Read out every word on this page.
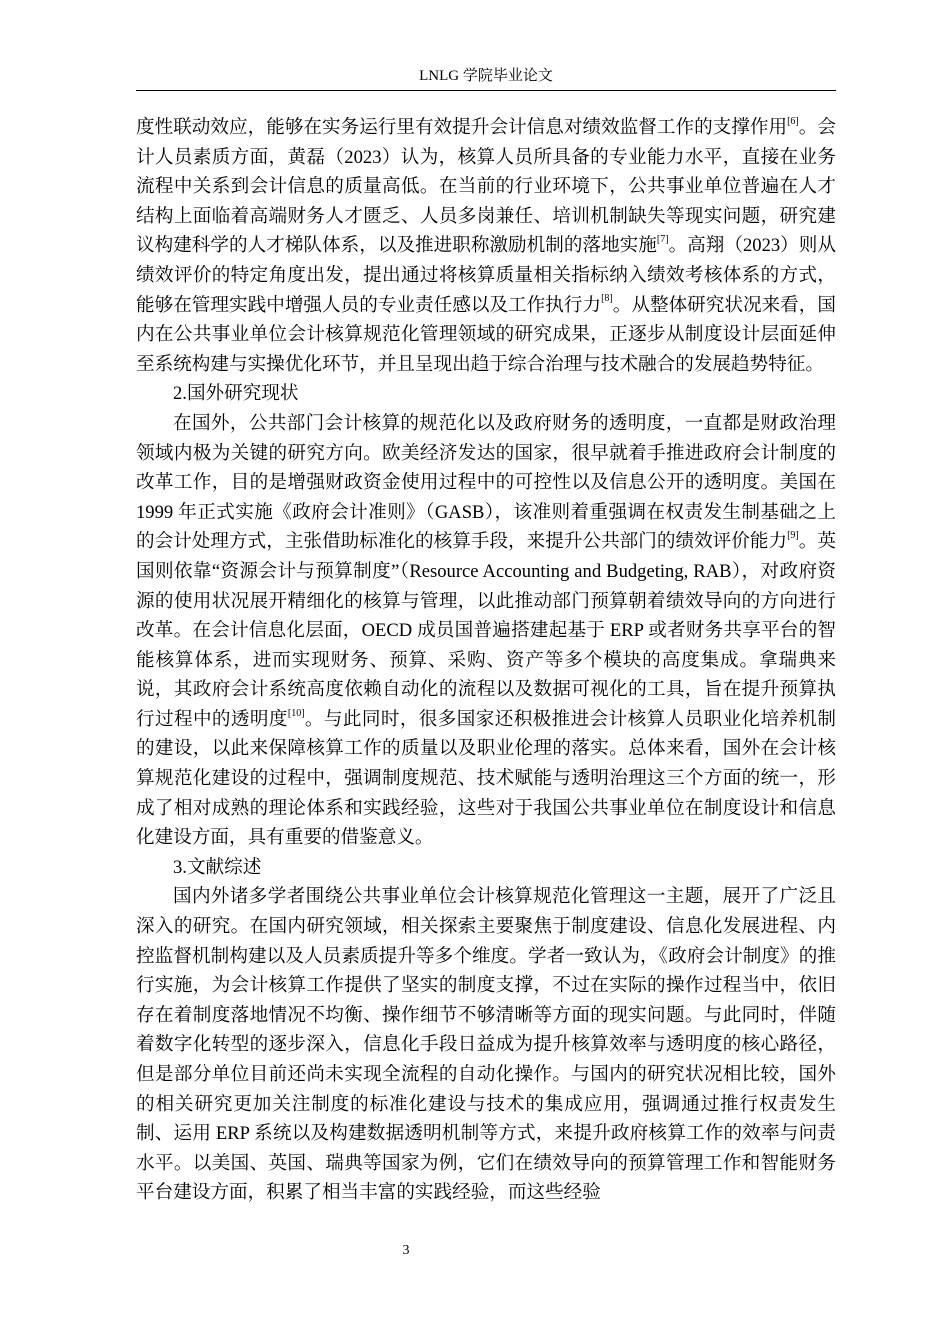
LNLG 学院毕业论文

度性联动效应，能够在实务运行里有效提升会计信息对绩效监督工作的支撑作用[6]。会计人员素质方面，黄磊（2023）认为，核算人员所具备的专业能力水平，直接在业务流程中关系到会计信息的质量高低。在当前的行业环境下，公共事业单位普遍在人才结构上面临着高端财务人才匮乏、人员多岗兼任、培训机制缺失等现实问题，研究建议构建科学的人才梯队体系，以及推进职称激励机制的落地实施[7]。高翔（2023）则从绩效评价的特定角度出发，提出通过将核算质量相关指标纳入绩效考核体系的方式，能够在管理实践中增强人员的专业责任感以及工作执行力[8]。从整体研究状况来看，国内在公共事业单位会计核算规范化管理领域的研究成果，正逐步从制度设计层面延伸至系统构建与实操优化环节，并且呈现出趋于综合治理与技术融合的发展趋势特征。

2.国外研究现状

在国外，公共部门会计核算的规范化以及政府财务的透明度，一直都是财政治理领域内极为关键的研究方向。欧美经济发达的国家，很早就着手推进政府会计制度的改革工作，目的是增强财政资金使用过程中的可控性以及信息公开的透明度。美国在 1999 年正式实施《政府会计准则》（GASB），该准则着重强调在权责发生制基础之上的会计处理方式，主张借助标准化的核算手段，来提升公共部门的绩效评价能力[9]。英国则依靠“资源会计与预算制度”（Resource Accounting and Budgeting, RAB），对政府资源的使用状况展开精细化的核算与管理，以此推动部门预算朝着绩效导向的方向进行改革。在会计信息化层面，OECD 成员国普遍搭建起基于 ERP 或者财务共享平台的智能核算体系，进而实现财务、预算、采购、资产等多个模块的高度集成。拿瑞典来说，其政府会计系统高度依赖自动化的流程以及数据可视化的工具，旨在提升预算执行过程中的透明度[10]。与此同时，很多国家还积极推进会计核算人员职业化培养机制的建设，以此来保障核算工作的质量以及职业伦理的落实。总体来看，国外在会计核算规范化建设的过程中，强调制度规范、技术赋能与透明治理这三个方面的统一，形成了相对成熟的理论体系和实践经验，这些对于我国公共事业单位在制度设计和信息化建设方面，具有重要的借鉴意义。

3.文献综述

国内外诸多学者围绕公共事业单位会计核算规范化管理这一主题，展开了广泛且深入的研究。在国内研究领域，相关探索主要聚焦于制度建设、信息化发展进程、内控监督机制构建以及人员素质提升等多个维度。学者一致认为，《政府会计制度》的推行实施，为会计核算工作提供了坚实的制度支撑，不过在实际的操作过程当中，依旧存在着制度落地情况不均衡、操作细节不够清晰等方面的现实问题。与此同时，伴随着数字化转型的逐步深入，信息化手段日益成为提升核算效率与透明度的核心路径，但是部分单位目前还尚未实现全流程的自动化操作。与国内的研究状况相比较，国外的相关研究更加关注制度的标准化建设与技术的集成应用，强调通过推行权责发生制、运用 ERP 系统以及构建数据透明机制等方式，来提升政府核算工作的效率与问责水平。以美国、英国、瑞典等国家为例，它们在绩效导向的预算管理工作和智能财务平台建设方面，积累了相当丰富的实践经验，而这些经验

3
